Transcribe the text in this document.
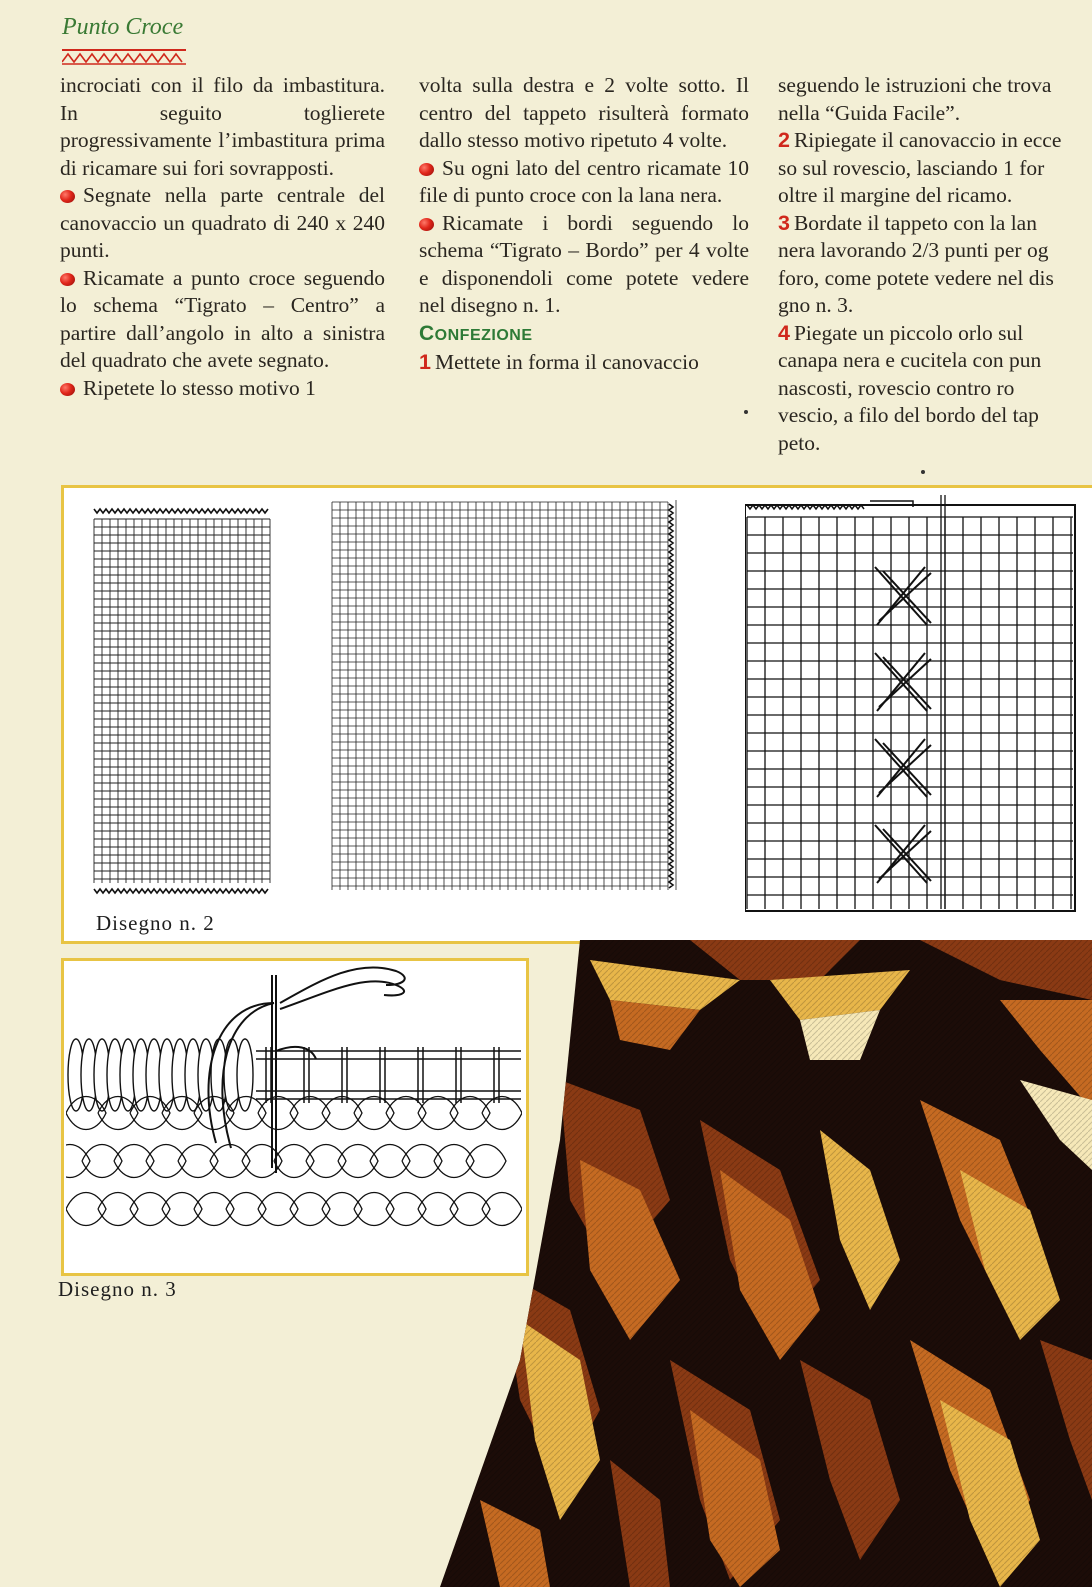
Punto Croce

incrociati con il filo da imbastitura. In seguito toglierete progressivamente l’imbastitura prima di ricamare sui fori sovrapposti.

Segnate nella parte centrale del canovaccio un quadrato di 240 x 240 punti.

Ricamate a punto croce seguendo lo schema “Tigrato – Centro” a partire dall’angolo in alto a sinistra del quadrato che avete segnato.

Ripetete lo stesso motivo 1

volta sulla destra e 2 volte sotto. Il centro del tappeto risulterà formato dallo stesso motivo ripetuto 4 volte.

Su ogni lato del centro ricamate 10 file di punto croce con la lana nera.

Ricamate i bordi seguendo lo schema “Tigrato – Bordo” per 4 volte e disponendoli come potete vedere nel disegno n. 1.

CONFEZIONE

1 Mettete in forma il canovaccio

seguendo le istruzioni che trova

nella “Guida Facile”.

2 Ripiegate il canovaccio in ecce

so sul rovescio, lasciando 1 for

oltre il margine del ricamo.

3 Bordate il tappeto con la lan

nera lavorando 2/3 punti per og

foro, come potete vedere nel dis

gno n. 3.

4 Piegate un piccolo orlo sul

canapa nera e cucitela con pun

nascosti, rovescio contro ro

vescio, a filo del bordo del tap

peto.

Disegno n. 2
Disegno n. 3
